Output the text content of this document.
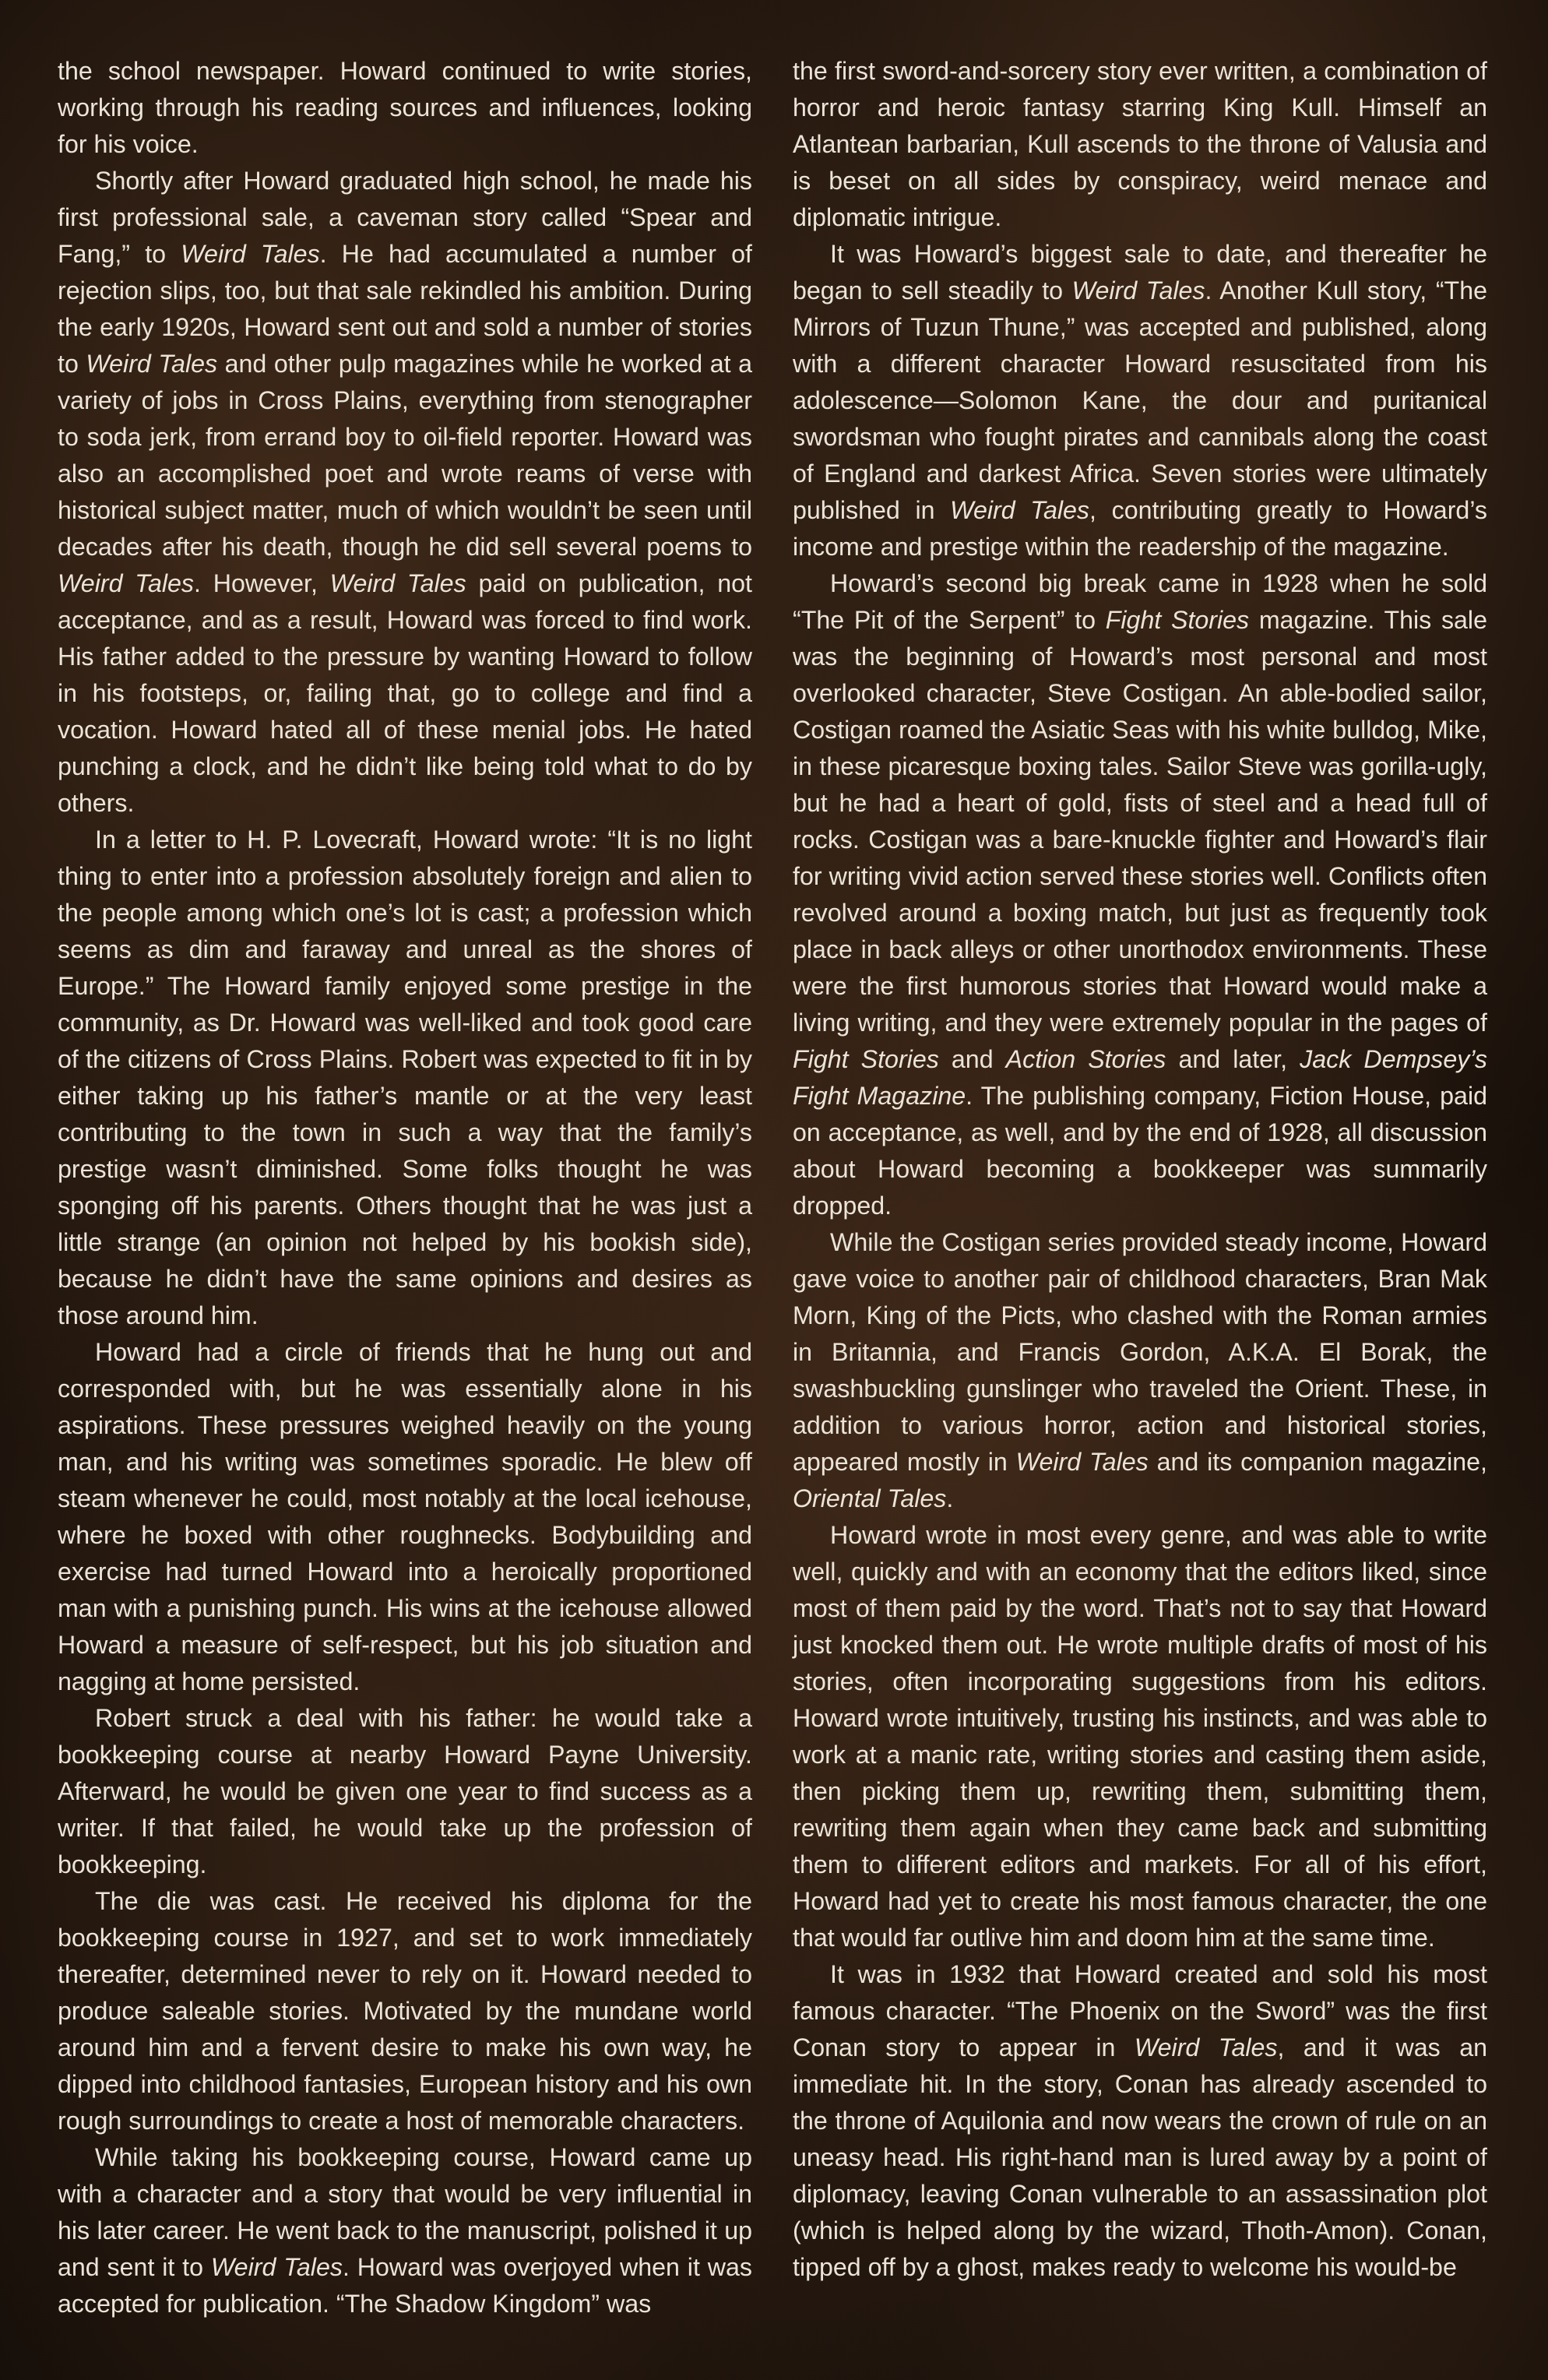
the school newspaper. Howard continued to write stories, working through his reading sources and influences, looking for his voice.

Shortly after Howard graduated high school, he made his first professional sale, a caveman story called “Spear and Fang,” to Weird Tales. He had accumulated a number of rejection slips, too, but that sale rekindled his ambition. During the early 1920s, Howard sent out and sold a number of stories to Weird Tales and other pulp magazines while he worked at a variety of jobs in Cross Plains, everything from stenographer to soda jerk, from errand boy to oil-field reporter. Howard was also an accomplished poet and wrote reams of verse with historical subject matter, much of which wouldn’t be seen until decades after his death, though he did sell several poems to Weird Tales. However, Weird Tales paid on publication, not acceptance, and as a result, Howard was forced to find work. His father added to the pressure by wanting Howard to follow in his footsteps, or, failing that, go to college and find a vocation. Howard hated all of these menial jobs. He hated punching a clock, and he didn’t like being told what to do by others.

In a letter to H. P. Lovecraft, Howard wrote: “It is no light thing to enter into a profession absolutely foreign and alien to the people among which one’s lot is cast; a profession which seems as dim and faraway and unreal as the shores of Europe.” The Howard family enjoyed some prestige in the community, as Dr. Howard was well-liked and took good care of the citizens of Cross Plains. Robert was expected to fit in by either taking up his father’s mantle or at the very least contributing to the town in such a way that the family’s prestige wasn’t diminished. Some folks thought he was sponging off his parents. Others thought that he was just a little strange (an opinion not helped by his bookish side), because he didn’t have the same opinions and desires as those around him.

Howard had a circle of friends that he hung out and corresponded with, but he was essentially alone in his aspirations. These pressures weighed heavily on the young man, and his writing was sometimes sporadic. He blew off steam whenever he could, most notably at the local icehouse, where he boxed with other roughnecks. Bodybuilding and exercise had turned Howard into a heroically proportioned man with a punishing punch. His wins at the icehouse allowed Howard a measure of self-respect, but his job situation and nagging at home persisted.

Robert struck a deal with his father: he would take a bookkeeping course at nearby Howard Payne University. Afterward, he would be given one year to find success as a writer. If that failed, he would take up the profession of bookkeeping.

The die was cast. He received his diploma for the bookkeeping course in 1927, and set to work immediately thereafter, determined never to rely on it. Howard needed to produce saleable stories. Motivated by the mundane world around him and a fervent desire to make his own way, he dipped into childhood fantasies, European history and his own rough surroundings to create a host of memorable characters.

While taking his bookkeeping course, Howard came up with a character and a story that would be very influential in his later career. He went back to the manuscript, polished it up and sent it to Weird Tales. Howard was overjoyed when it was accepted for publication. “The Shadow Kingdom” was

the first sword-and-sorcery story ever written, a combination of horror and heroic fantasy starring King Kull. Himself an Atlantean barbarian, Kull ascends to the throne of Valusia and is beset on all sides by conspiracy, weird menace and diplomatic intrigue.

It was Howard’s biggest sale to date, and thereafter he began to sell steadily to Weird Tales. Another Kull story, “The Mirrors of Tuzun Thune,” was accepted and published, along with a different character Howard resuscitated from his adolescence—Solomon Kane, the dour and puritanical swordsman who fought pirates and cannibals along the coast of England and darkest Africa. Seven stories were ultimately published in Weird Tales, contributing greatly to Howard’s income and prestige within the readership of the magazine.

Howard’s second big break came in 1928 when he sold “The Pit of the Serpent” to Fight Stories magazine. This sale was the beginning of Howard’s most personal and most overlooked character, Steve Costigan. An able-bodied sailor, Costigan roamed the Asiatic Seas with his white bulldog, Mike, in these picaresque boxing tales. Sailor Steve was gorilla-ugly, but he had a heart of gold, fists of steel and a head full of rocks. Costigan was a bare-knuckle fighter and Howard’s flair for writing vivid action served these stories well. Conflicts often revolved around a boxing match, but just as frequently took place in back alleys or other unorthodox environments. These were the first humorous stories that Howard would make a living writing, and they were extremely popular in the pages of Fight Stories and Action Stories and later, Jack Dempsey’s Fight Magazine. The publishing company, Fiction House, paid on acceptance, as well, and by the end of 1928, all discussion about Howard becoming a bookkeeper was summarily dropped.

While the Costigan series provided steady income, Howard gave voice to another pair of childhood characters, Bran Mak Morn, King of the Picts, who clashed with the Roman armies in Britannia, and Francis Gordon, A.K.A. El Borak, the swashbuckling gunslinger who traveled the Orient. These, in addition to various horror, action and historical stories, appeared mostly in Weird Tales and its companion magazine, Oriental Tales.

Howard wrote in most every genre, and was able to write well, quickly and with an economy that the editors liked, since most of them paid by the word. That’s not to say that Howard just knocked them out. He wrote multiple drafts of most of his stories, often incorporating suggestions from his editors. Howard wrote intuitively, trusting his instincts, and was able to work at a manic rate, writing stories and casting them aside, then picking them up, rewriting them, submitting them, rewriting them again when they came back and submitting them to different editors and markets. For all of his effort, Howard had yet to create his most famous character, the one that would far outlive him and doom him at the same time.

It was in 1932 that Howard created and sold his most famous character. “The Phoenix on the Sword” was the first Conan story to appear in Weird Tales, and it was an immediate hit. In the story, Conan has already ascended to the throne of Aquilonia and now wears the crown of rule on an uneasy head. His right-hand man is lured away by a point of diplomacy, leaving Conan vulnerable to an assassination plot (which is helped along by the wizard, Thoth-Amon). Conan, tipped off by a ghost, makes ready to welcome his would-be
